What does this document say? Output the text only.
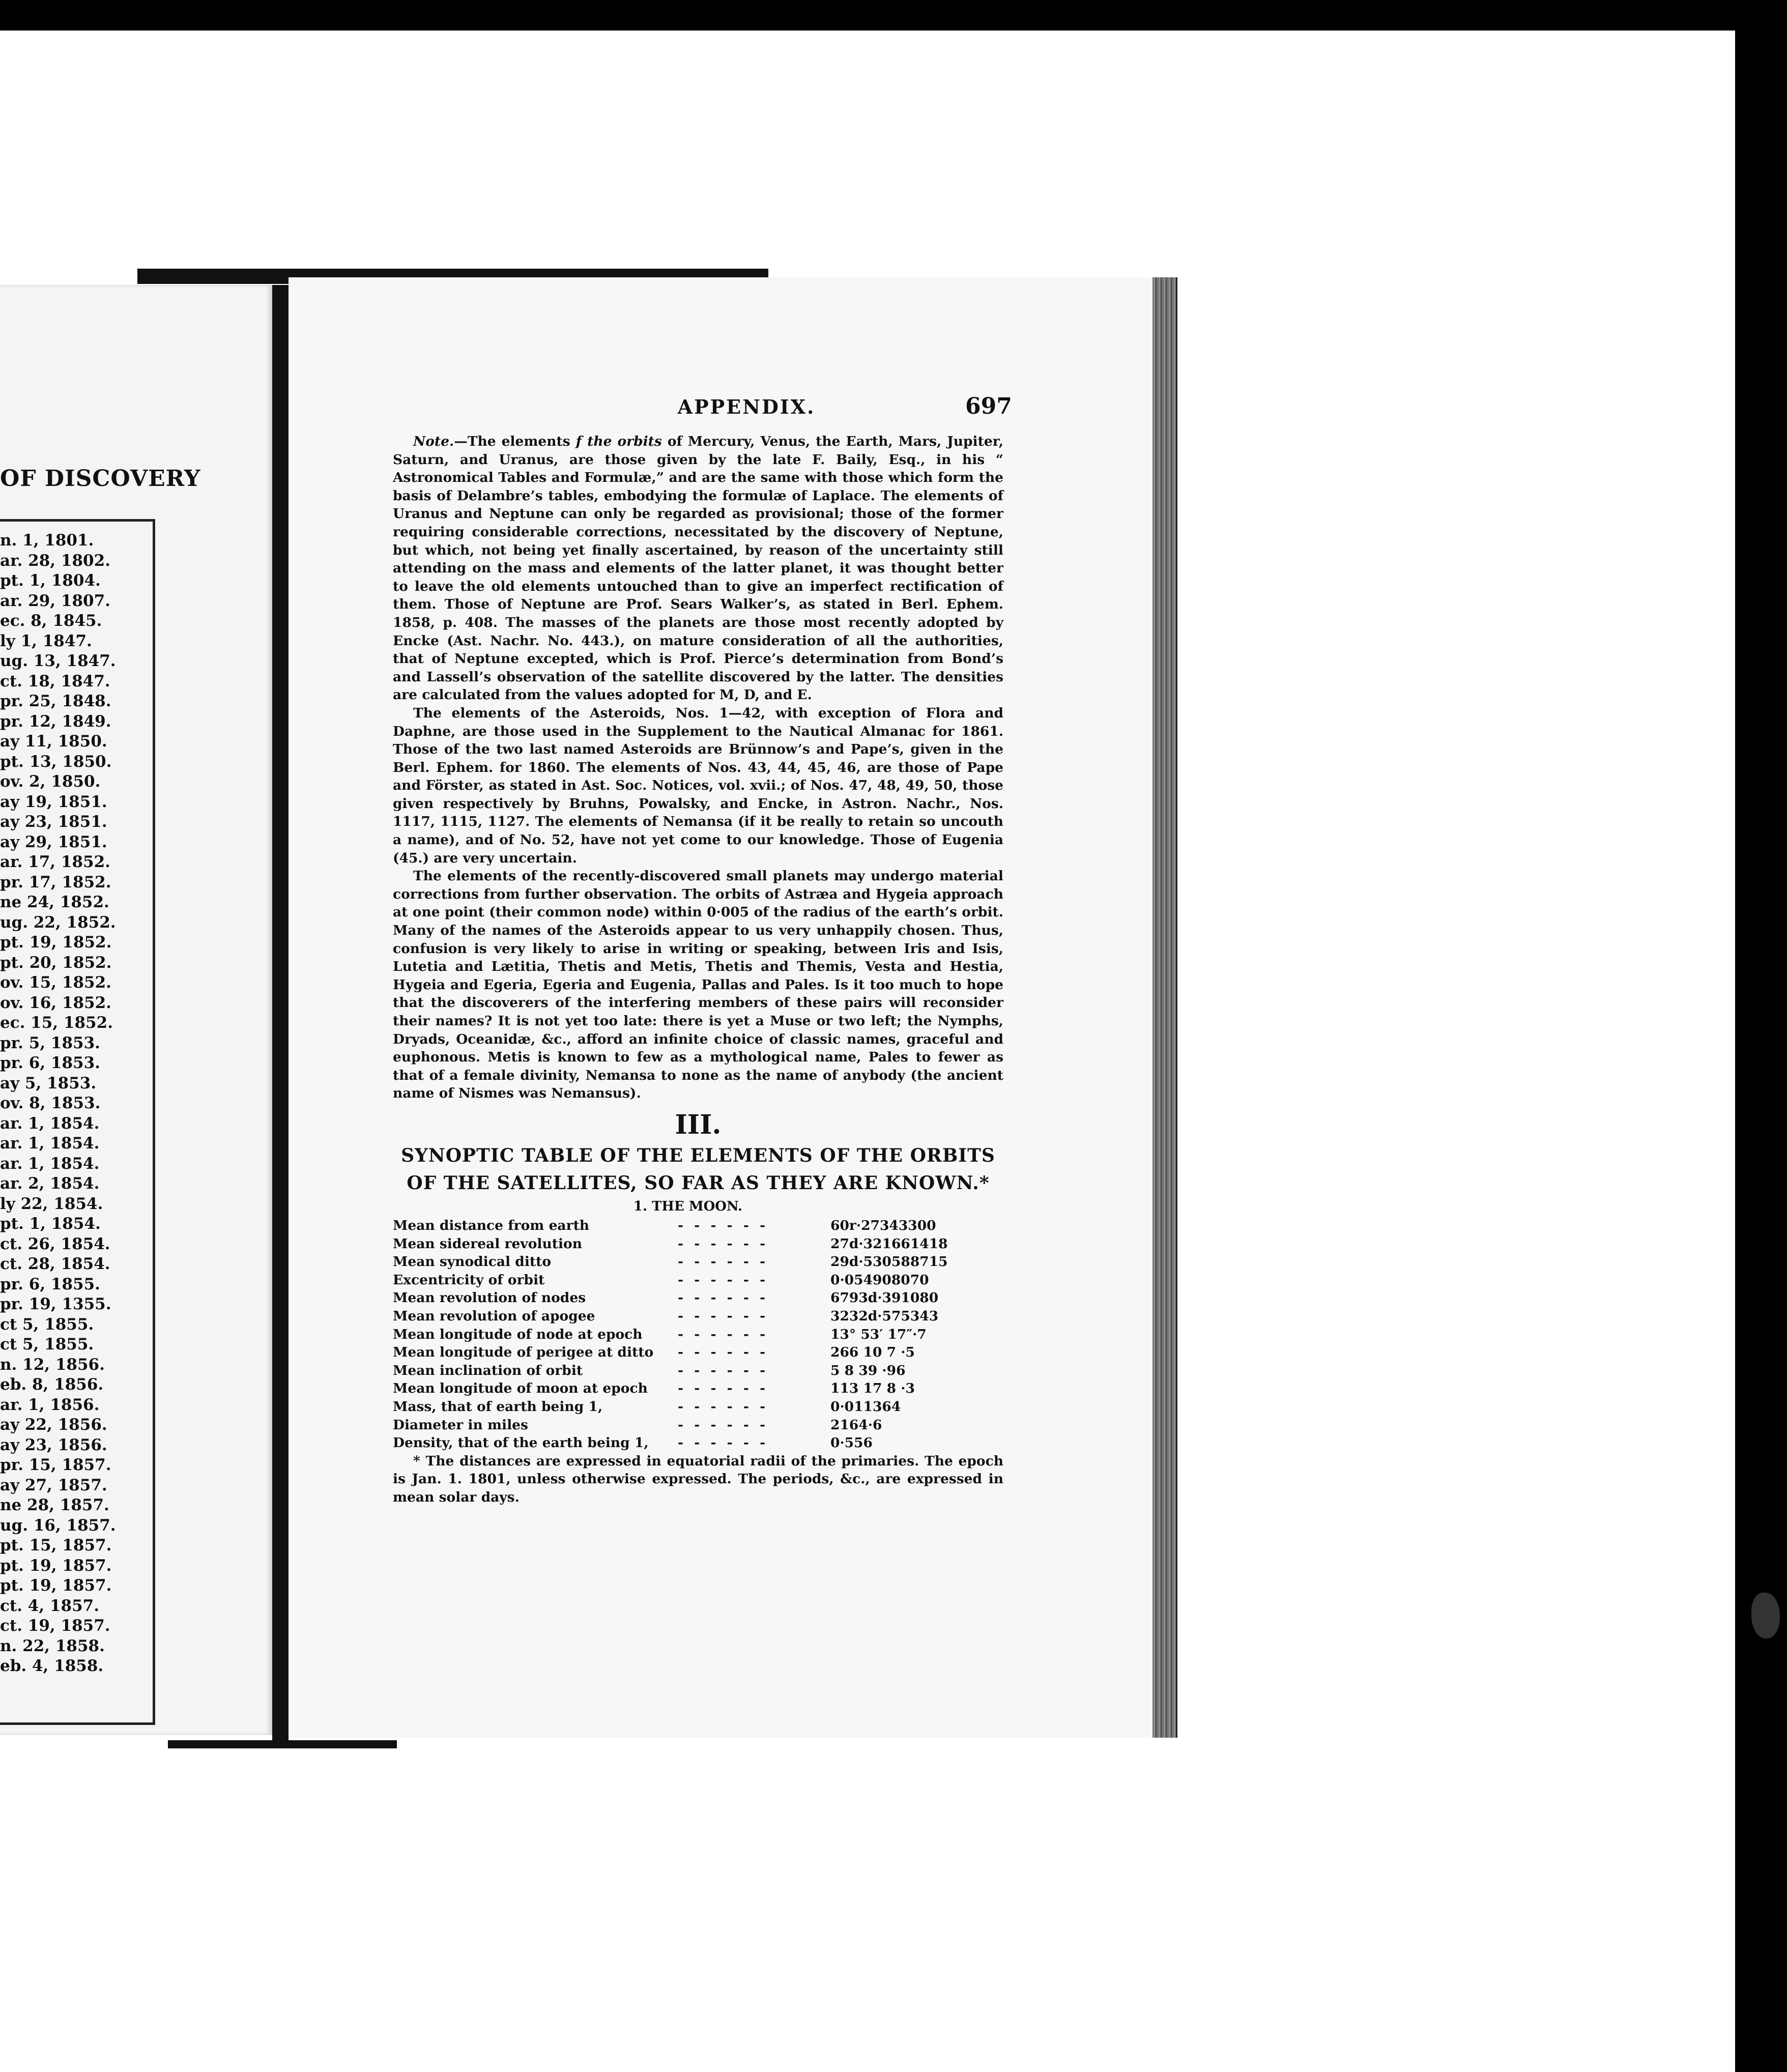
OF DISCOVERY
n. 1, 1801.
ar. 28, 1802.
pt. 1, 1804.
ar. 29, 1807.
ec. 8, 1845.
ly 1, 1847.
ug. 13, 1847.
ct. 18, 1847.
pr. 25, 1848.
pr. 12, 1849.
ay 11, 1850.
pt. 13, 1850.
ov. 2, 1850.
ay 19, 1851.
ay 23, 1851.
ay 29, 1851.
ar. 17, 1852.
pr. 17, 1852.
ne 24, 1852.
ug. 22, 1852.
pt. 19, 1852.
pt. 20, 1852.
ov. 15, 1852.
ov. 16, 1852.
ec. 15, 1852.
pr. 5, 1853.
pr. 6, 1853.
ay 5, 1853.
ov. 8, 1853.
ar. 1, 1854.
ar. 1, 1854.
ar. 1, 1854.
ar. 2, 1854.
ly 22, 1854.
pt. 1, 1854.
ct. 26, 1854.
ct. 28, 1854.
pr. 6, 1855.
pr. 19, 1355.
ct 5, 1855.
ct 5, 1855.
n. 12, 1856.
eb. 8, 1856.
ar. 1, 1856.
ay 22, 1856.
ay 23, 1856.
pr. 15, 1857.
ay 27, 1857.
ne 28, 1857.
ug. 16, 1857.
pt. 15, 1857.
pt. 19, 1857.
pt. 19, 1857.
ct. 4, 1857.
ct. 19, 1857.
n. 22, 1858.
eb. 4, 1858.
APPENDIX.	697

Note.—The elements f the orbits of Mercury, Venus, the Earth, Mars, Jupiter, Saturn, and Uranus, are those given by the late F. Baily, Esq., in his “ Astronomical Tables and Formulæ,” and are the same with those which form the basis of Delambre’s tables, embodying the formulæ of Laplace. The elements of Uranus and Neptune can only be regarded as provisional; those of the former requiring considerable corrections, necessitated by the discovery of Neptune, but which, not being yet finally ascertained, by reason of the uncertainty still attending on the mass and elements of the latter planet, it was thought better to leave the old elements untouched than to give an imperfect rectification of them. Those of Neptune are Prof. Sears Walker’s, as stated in Berl. Ephem. 1858, p. 408. The masses of the planets are those most recently adopted by Encke (Ast. Nachr. No. 443.), on mature consideration of all the authorities, that of Neptune excepted, which is Prof. Pierce’s determination from Bond’s and Lassell’s observation of the satellite discovered by the latter. The densities are calculated from the values adopted for M, D, and E.

The elements of the Asteroids, Nos. 1—42, with exception of Flora and Daphne, are those used in the Supplement to the Nautical Almanac for 1861. Those of the two last named Asteroids are Brünnow’s and Pape’s, given in the Berl. Ephem. for 1860. The elements of Nos. 43, 44, 45, 46, are those of Pape and Förster, as stated in Ast. Soc. Notices, vol. xvii.; of Nos. 47, 48, 49, 50, those given respectively by Bruhns, Powalsky, and Encke, in Astron. Nachr., Nos. 1117, 1115, 1127. The elements of Nemansa (if it be really to retain so uncouth a name), and of No. 52, have not yet come to our knowledge. Those of Eugenia (45.) are very uncertain.

The elements of the recently-discovered small planets may undergo material corrections from further observation. The orbits of Astræa and Hygeia approach at one point (their common node) within 0·005 of the radius of the earth’s orbit. Many of the names of the Asteroids appear to us very unhappily chosen. Thus, confusion is very likely to arise in writing or speaking, between Iris and Isis, Lutetia and Lætitia, Thetis and Metis, Thetis and Themis, Vesta and Hestia, Hygeia and Egeria, Egeria and Eugenia, Pallas and Pales. Is it too much to hope that the discoverers of the interfering members of these pairs will reconsider their names? It is not yet too late: there is yet a Muse or two left; the Nymphs, Dryads, Oceanidæ, &c., afford an infinite choice of classic names, graceful and euphonous. Metis is known to few as a mythological name, Pales to fewer as that of a female divinity, Nemansa to none as the name of anybody (the ancient name of Nismes was Nemansus).

III.
SYNOPTIC TABLE OF THE ELEMENTS OF THE ORBITS
OF THE SATELLITES, SO FAR AS THEY ARE KNOWN.*
1. THE MOON.
Mean distance from earth	- - - - - -	60r·27343300
Mean sidereal revolution	- - - - - -	27d·321661418
Mean synodical ditto	- - - - - -	29d·530588715
Excentricity of orbit	- - - - - -	0·054908070
Mean revolution of nodes	- - - - - -	6793d·391080
Mean revolution of apogee	- - - - - -	3232d·575343
Mean longitude of node at epoch	- - - - - -	13° 53′ 17″·7
Mean longitude of perigee at ditto	- - - - - -	266 10 7 ·5
Mean inclination of orbit	- - - - - -	5 8 39 ·96
Mean longitude of moon at epoch	- - - - - -	113 17 8 ·3
Mass, that of earth being 1,	- - - - - -	0·011364
Diameter in miles	- - - - - -	2164·6
Density, that of the earth being 1,	- - - - - -	0·556

* The distances are expressed in equatorial radii of the primaries. The epoch is Jan. 1. 1801, unless otherwise expressed. The periods, &c., are expressed in mean solar days.
